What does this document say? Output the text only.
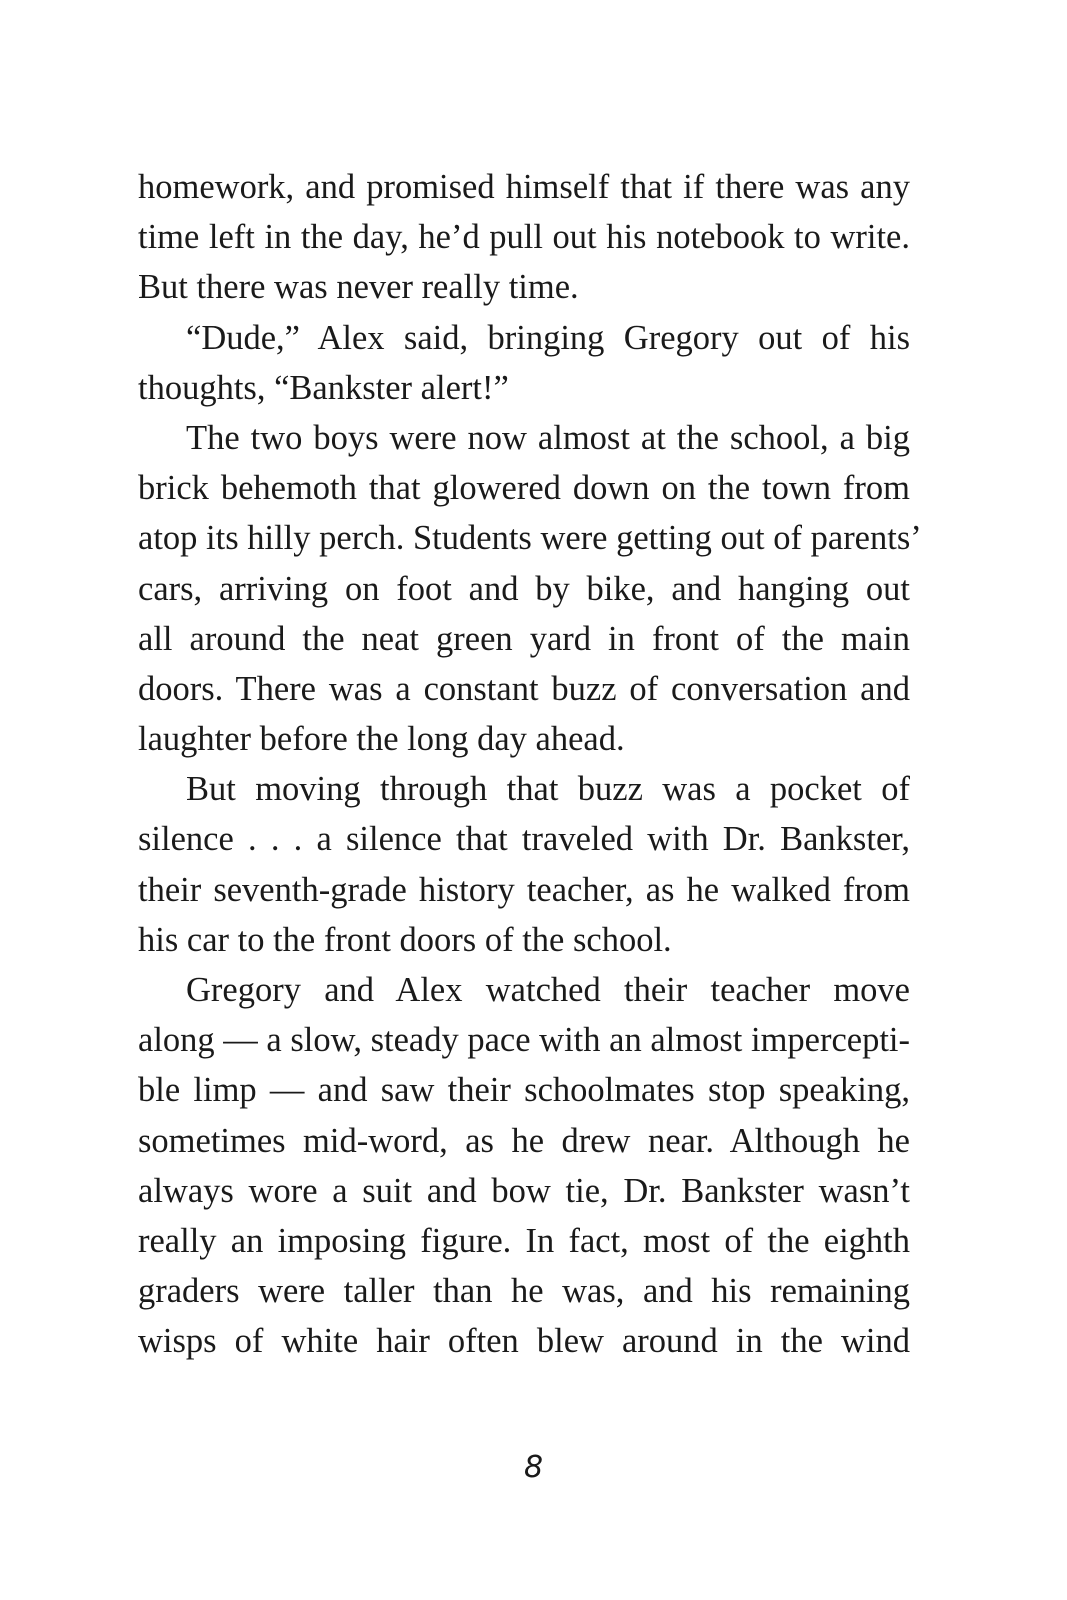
homework, and promised himself that if there was any
time left in the day, he’d pull out his notebook to write.
But there was never really time.
“Dude,” Alex said, bringing Gregory out of his
thoughts, “Bankster alert!”
The two boys were now almost at the school, a big
brick behemoth that glowered down on the town from
atop its hilly perch. Students were getting out of parents’
cars, arriving on foot and by bike, and hanging out
all around the neat green yard in front of the main
doors. There was a constant buzz of conversation and
laughter before the long day ahead.
But moving through that buzz was a pocket of
silence . . . a silence that traveled with Dr. Bankster,
their seventh-grade history teacher, as he walked from
his car to the front doors of the school.
Gregory and Alex watched their teacher move
along — a slow, steady pace with an almost impercepti-
ble limp — and saw their schoolmates stop speaking,
sometimes mid-word, as he drew near. Although he
always wore a suit and bow tie, Dr. Bankster wasn’t
really an imposing figure. In fact, most of the eighth
graders were taller than he was, and his remaining
wisps of white hair often blew around in the wind
8
